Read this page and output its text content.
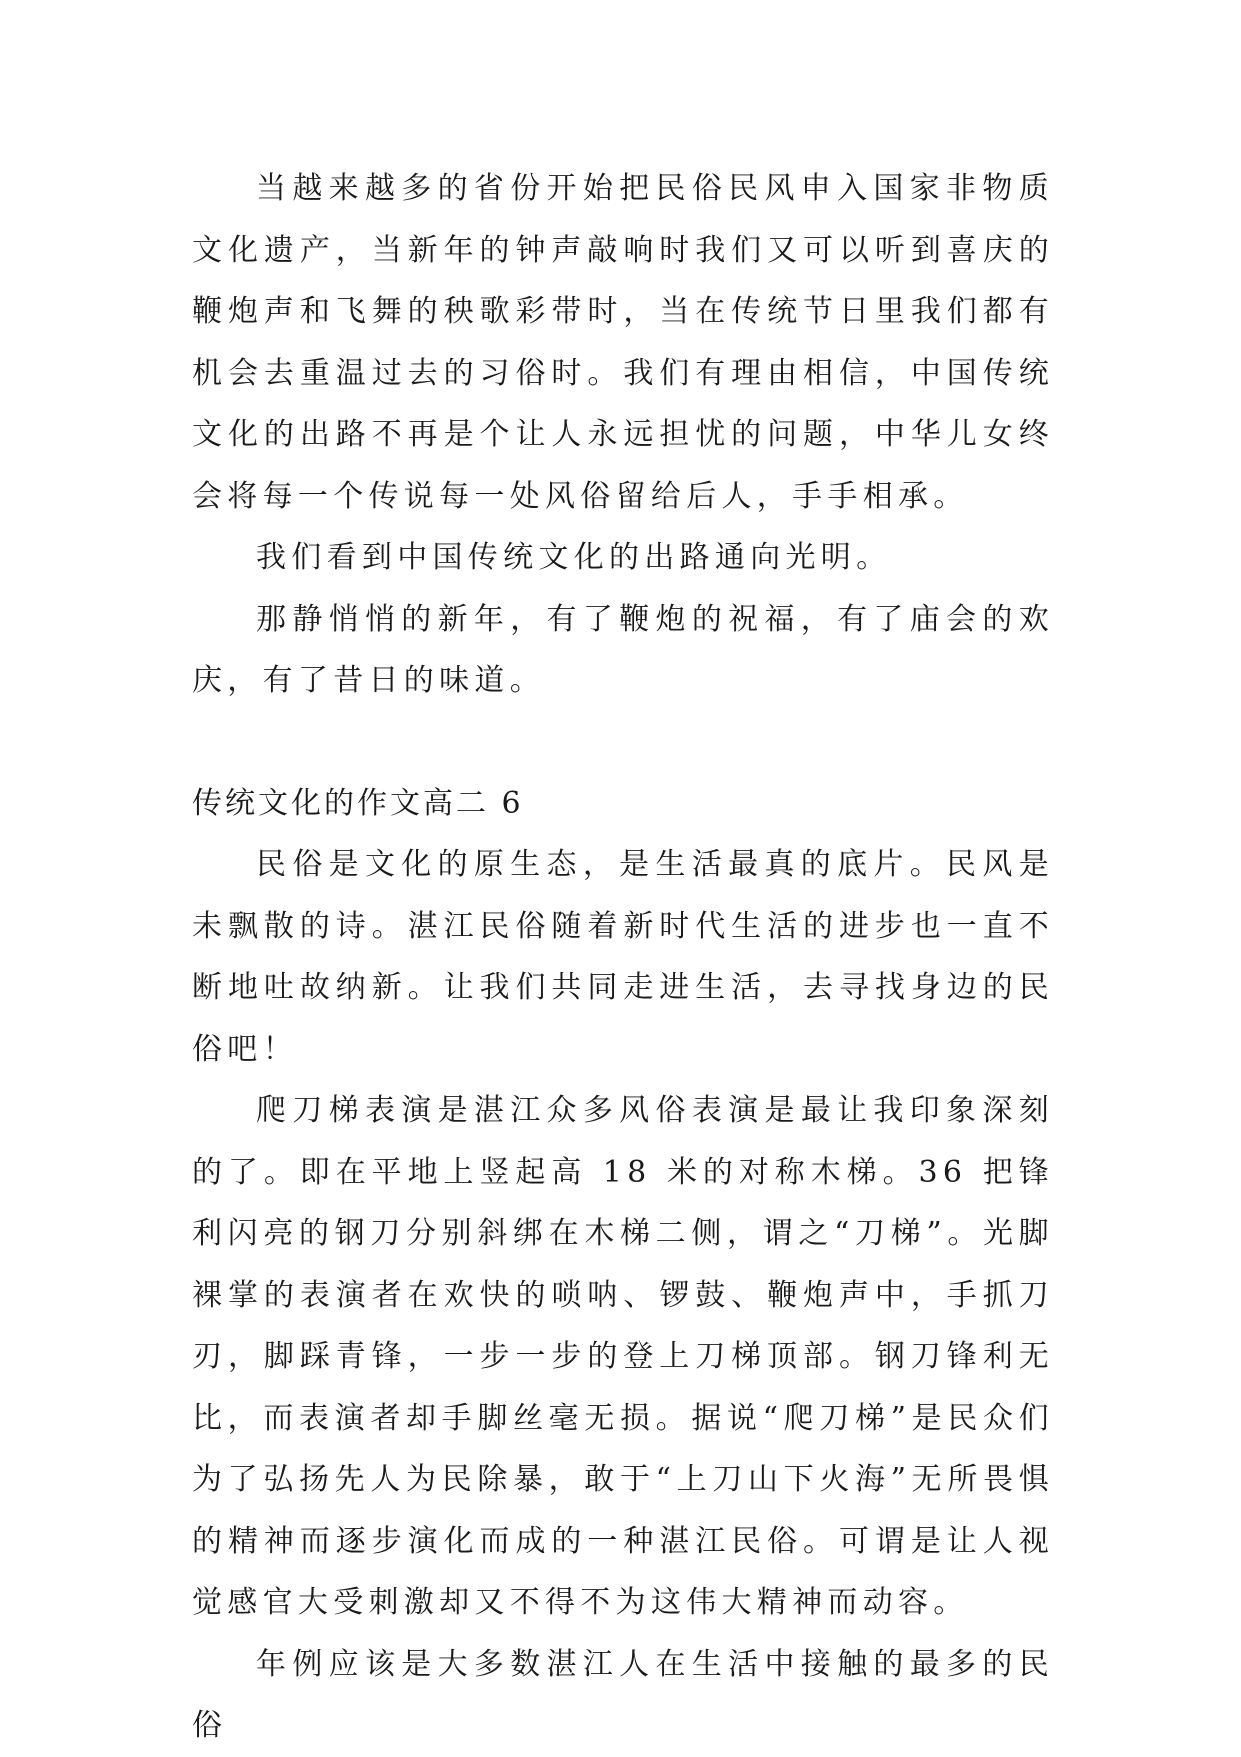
当越来越多的省份开始把民俗民风申入国家非物质文化遗产，当新年的钟声敲响时我们又可以听到喜庆的鞭炮声和飞舞的秧歌彩带时，当在传统节日里我们都有机会去重温过去的习俗时。我们有理由相信，中国传统文化的出路不再是个让人永远担忧的问题，中华儿女终会将每一个传说每一处风俗留给后人，手手相承。

我们看到中国传统文化的出路通向光明。

那静悄悄的新年，有了鞭炮的祝福，有了庙会的欢庆，有了昔日的味道。

传统文化的作文高二 6

民俗是文化的原生态，是生活最真的底片。民风是未飘散的诗。湛江民俗随着新时代生活的进步也一直不断地吐故纳新。让我们共同走进生活，去寻找身边的民俗吧！

爬刀梯表演是湛江众多风俗表演是最让我印象深刻的了。即在平地上竖起高 18 米的对称木梯。36 把锋利闪亮的钢刀分别斜绑在木梯二侧，谓之“刀梯”。光脚裸掌的表演者在欢快的唢呐、锣鼓、鞭炮声中，手抓刀刃，脚踩青锋，一步一步的登上刀梯顶部。钢刀锋利无比，而表演者却手脚丝毫无损。据说“爬刀梯”是民众们为了弘扬先人为民除暴，敢于“上刀山下火海”无所畏惧的精神而逐步演化而成的一种湛江民俗。可谓是让人视觉感官大受刺激却又不得不为这伟大精神而动容。

年例应该是大多数湛江人在生活中接触的最多的民俗
